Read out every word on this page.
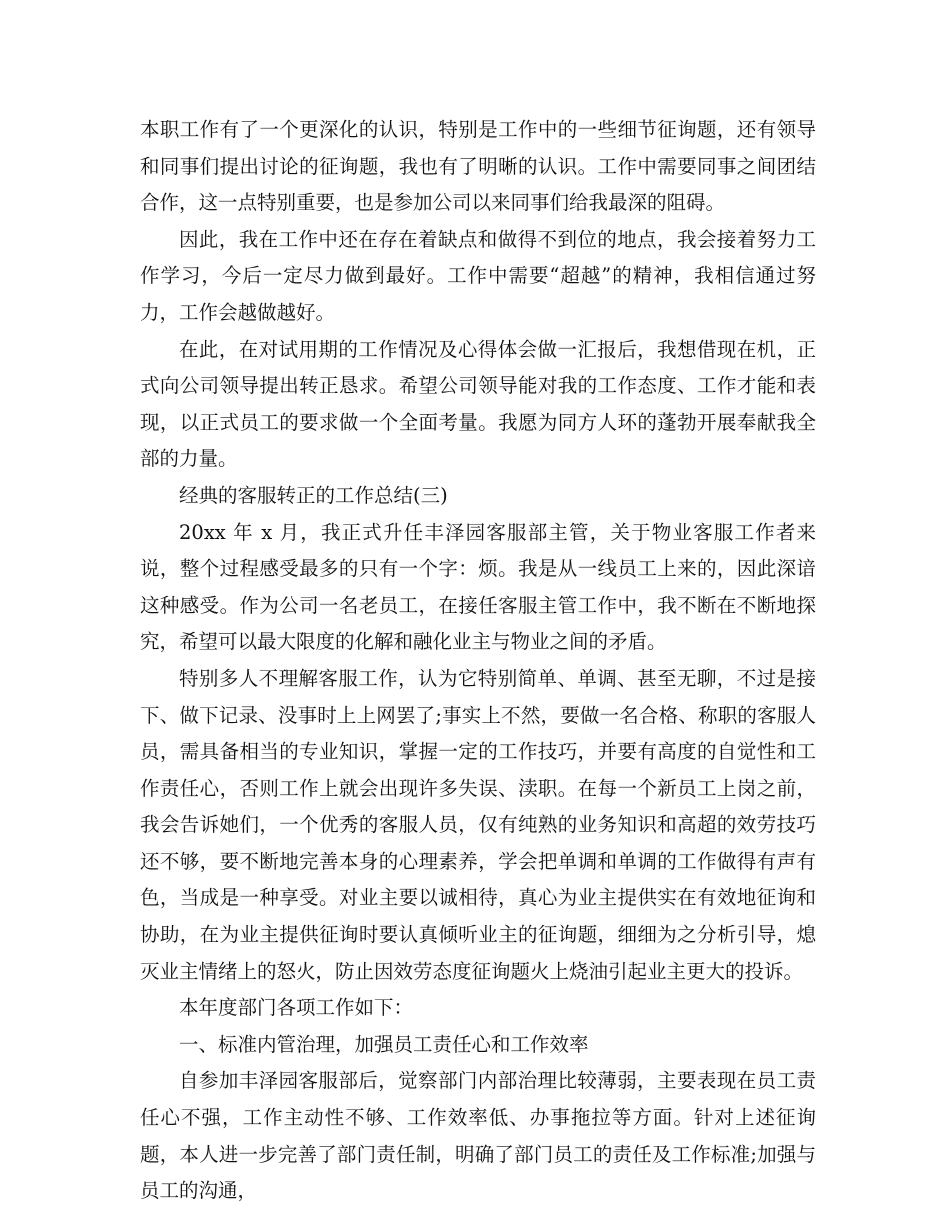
本职工作有了一个更深化的认识，特别是工作中的一些细节征询题，还有领导和同事们提出讨论的征询题，我也有了明晰的认识。工作中需要同事之间团结合作，这一点特别重要，也是参加公司以来同事们给我最深的阻碍。

因此，我在工作中还在存在着缺点和做得不到位的地点，我会接着努力工作学习，今后一定尽力做到最好。工作中需要“超越”的精神，我相信通过努力，工作会越做越好。

在此，在对试用期的工作情况及心得体会做一汇报后，我想借现在机，正式向公司领导提出转正恳求。希望公司领导能对我的工作态度、工作才能和表现，以正式员工的要求做一个全面考量。我愿为同方人环的蓬勃开展奉献我全部的力量。

经典的客服转正的工作总结(三)

20xx 年 x 月，我正式升任丰泽园客服部主管，关于物业客服工作者来说，整个过程感受最多的只有一个字：烦。我是从一线员工上来的，因此深谙这种感受。作为公司一名老员工，在接任客服主管工作中，我不断在不断地探究，希望可以最大限度的化解和融化业主与物业之间的矛盾。

特别多人不理解客服工作，认为它特别简单、单调、甚至无聊，不过是接下、做下记录、没事时上上网罢了;事实上不然，要做一名合格、称职的客服人员，需具备相当的专业知识，掌握一定的工作技巧，并要有高度的自觉性和工作责任心，否则工作上就会出现许多失误、渎职。在每一个新员工上岗之前，我会告诉她们，一个优秀的客服人员，仅有纯熟的业务知识和高超的效劳技巧还不够，要不断地完善本身的心理素养，学会把单调和单调的工作做得有声有色，当成是一种享受。对业主要以诚相待，真心为业主提供实在有效地征询和协助，在为业主提供征询时要认真倾听业主的征询题，细细为之分析引导，熄灭业主情绪上的怒火，防止因效劳态度征询题火上烧油引起业主更大的投诉。

本年度部门各项工作如下：

一、标准内管治理，加强员工责任心和工作效率

自参加丰泽园客服部后，觉察部门内部治理比较薄弱，主要表现在员工责任心不强，工作主动性不够、工作效率低、办事拖拉等方面。针对上述征询题，本人进一步完善了部门责任制，明确了部门员工的责任及工作标准;加强与员工的沟通，
